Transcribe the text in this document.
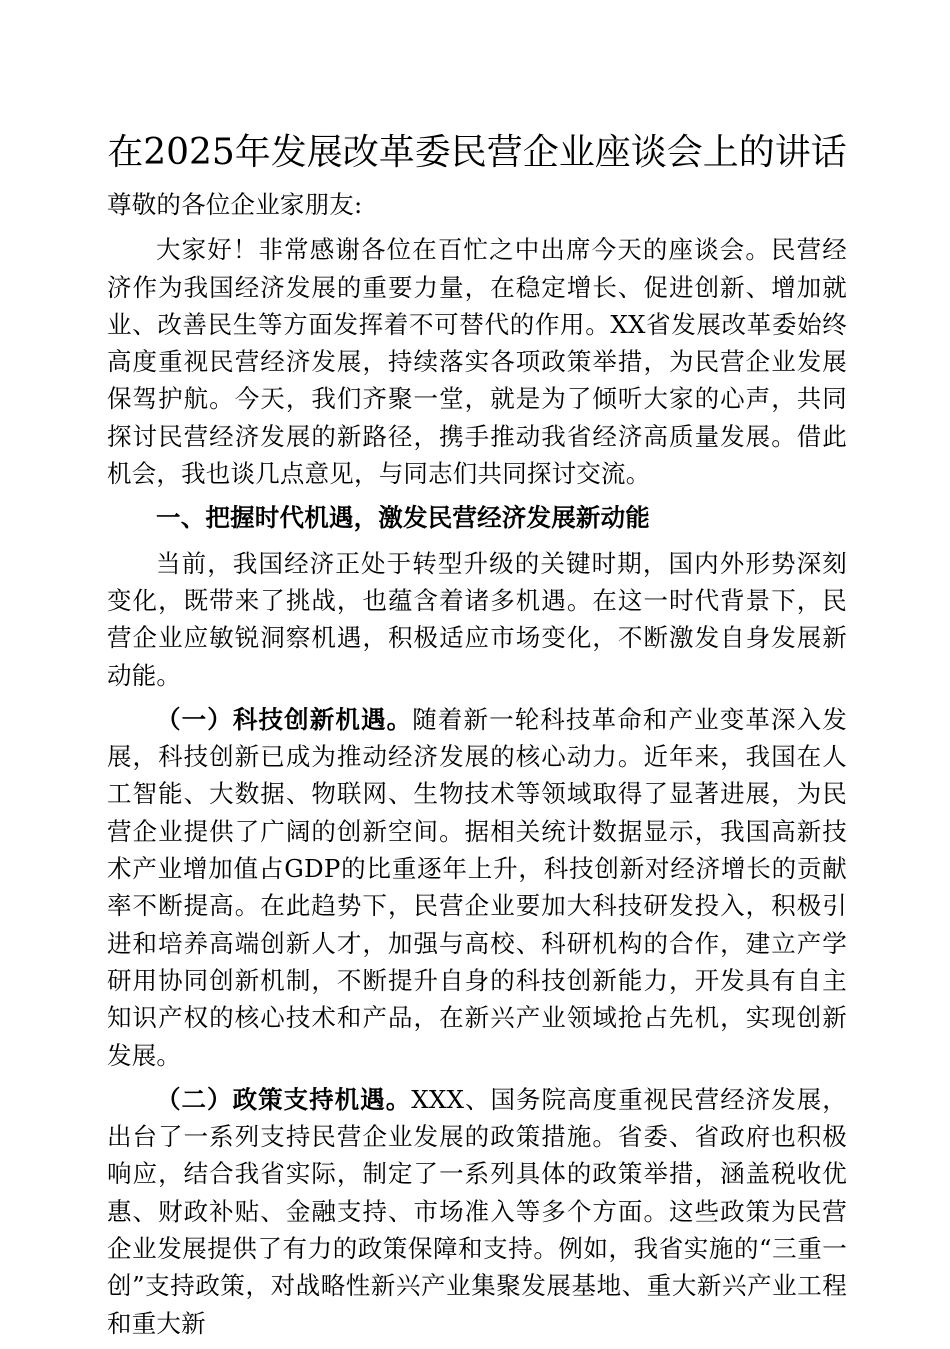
在2025年发展改革委民营企业座谈会上的讲话

尊敬的各位企业家朋友:

大家好！非常感谢各位在百忙之中出席今天的座谈会。民营经济作为我国经济发展的重要力量，在稳定增长、促进创新、增加就业、改善民生等方面发挥着不可替代的作用。XX省发展改革委始终高度重视民营经济发展，持续落实各项政策举措，为民营企业发展保驾护航。今天，我们齐聚一堂，就是为了倾听大家的心声，共同探讨民营经济发展的新路径，携手推动我省经济高质量发展。借此机会，我也谈几点意见，与同志们共同探讨交流。

一、把握时代机遇，激发民营经济发展新动能

当前，我国经济正处于转型升级的关键时期，国内外形势深刻变化，既带来了挑战，也蕴含着诸多机遇。在这一时代背景下，民营企业应敏锐洞察机遇，积极适应市场变化，不断激发自身发展新动能。

（一）科技创新机遇。随着新一轮科技革命和产业变革深入发展，科技创新已成为推动经济发展的核心动力。近年来，我国在人工智能、大数据、物联网、生物技术等领域取得了显著进展，为民营企业提供了广阔的创新空间。据相关统计数据显示，我国高新技术产业增加值占GDP的比重逐年上升，科技创新对经济增长的贡献率不断提高。在此趋势下，民营企业要加大科技研发投入，积极引进和培养高端创新人才，加强与高校、科研机构的合作，建立产学研用协同创新机制，不断提升自身的科技创新能力，开发具有自主知识产权的核心技术和产品，在新兴产业领域抢占先机，实现创新发展。

（二）政策支持机遇。XXX、国务院高度重视民营经济发展，出台了一系列支持民营企业发展的政策措施。省委、省政府也积极响应，结合我省实际，制定了一系列具体的政策举措，涵盖税收优惠、财政补贴、金融支持、市场准入等多个方面。这些政策为民营企业发展提供了有力的政策保障和支持。例如，我省实施的“三重一创”支持政策，对战略性新兴产业集聚发展基地、重大新兴产业工程和重大新
